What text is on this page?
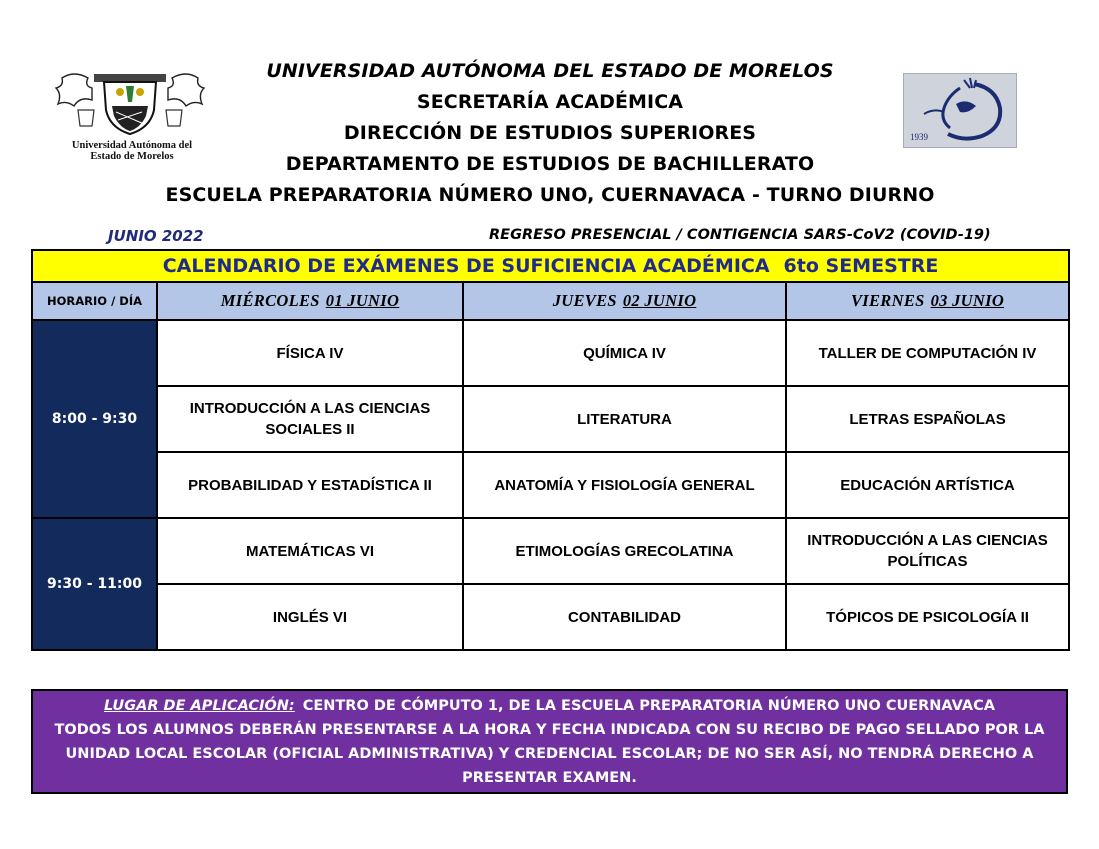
Universidad Autónoma del
Estado de Morelos
1939
UNIVERSIDAD AUTÓNOMA DEL ESTADO DE MORELOS
SECRETARÍA ACADÉMICA
DIRECCIÓN DE ESTUDIOS SUPERIORES
DEPARTAMENTO DE ESTUDIOS DE BACHILLERATO
ESCUELA PREPARATORIA NÚMERO UNO, CUERNAVACA - TURNO DIURNO
JUNIO 2022	REGRESO PRESENCIAL / CONTIGENCIA SARS-CoV2 (COVID-19)
CALENDARIO DE EXÁMENES DE SUFICIENCIA ACADÉMICA 6to SEMESTRE			
HORARIO / DÍA	MIÉRCOLES 01 JUNIO	JUEVES 02 JUNIO	VIERNES 03 JUNIO
8:00 - 9:30	FÍSICA IV	QUÍMICA IV	TALLER DE COMPUTACIÓN IV
	INTRODUCCIÓN A LAS CIENCIAS SOCIALES II	LITERATURA	LETRAS ESPAÑOLAS
	PROBABILIDAD Y ESTADÍSTICA II	ANATOMÍA Y FISIOLOGÍA GENERAL	EDUCACIÓN ARTÍSTICA
9:30 - 11:00	MATEMÁTICAS VI	ETIMOLOGÍAS GRECOLATINA	INTRODUCCIÓN A LAS CIENCIAS POLÍTICAS
	INGLÉS VI	CONTABILIDAD	TÓPICOS DE PSICOLOGÍA II
LUGAR DE APLICACIÓN: CENTRO DE CÓMPUTO 1, DE LA ESCUELA PREPARATORIA NÚMERO UNO CUERNAVACA
TODOS LOS ALUMNOS DEBERÁN PRESENTARSE A LA HORA Y FECHA INDICADA CON SU RECIBO DE PAGO SELLADO POR LA UNIDAD LOCAL ESCOLAR (OFICIAL ADMINISTRATIVA) Y CREDENCIAL ESCOLAR; DE NO SER ASÍ, NO TENDRÁ DERECHO A PRESENTAR EXAMEN.
